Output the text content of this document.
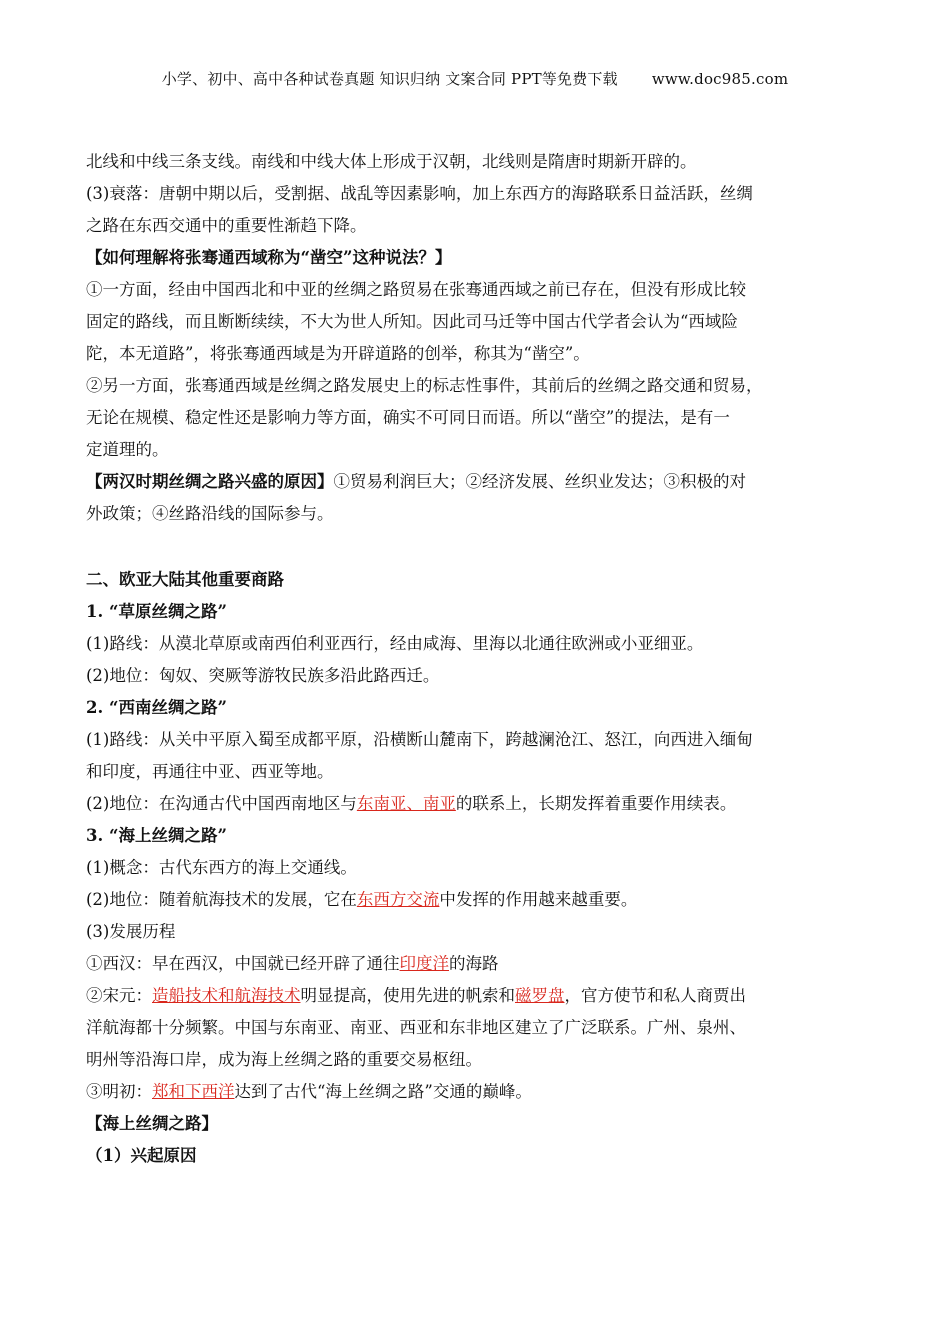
小学、初中、高中各种试卷真题 知识归纳 文案合同 PPT等免费下载 www.doc985.com

北线和中线三条支线。南线和中线大体上形成于汉朝，北线则是隋唐时期新开辟的。

(3)衰落：唐朝中期以后，受割据、战乱等因素影响，加上东西方的海路联系日益活跃，丝绸

之路在东西交通中的重要性渐趋下降。

【如何理解将张骞通西域称为“凿空”这种说法？】

①一方面，经由中国西北和中亚的丝绸之路贸易在张骞通西域之前已存在，但没有形成比较

固定的路线，而且断断续续，不大为世人所知。因此司马迁等中国古代学者会认为“西域险

陀，本无道路”，将张骞通西域是为开辟道路的创举，称其为“凿空”。

②另一方面，张骞通西域是丝绸之路发展史上的标志性事件，其前后的丝绸之路交通和贸易，

无论在规模、稳定性还是影响力等方面，确实不可同日而语。所以“凿空”的提法，是有一

定道理的。

【两汉时期丝绸之路兴盛的原因】①贸易利润巨大；②经济发展、丝织业发达；③积极的对

外政策；④丝路沿线的国际参与。

二、欧亚大陆其他重要商路

1. “草原丝绸之路”

(1)路线：从漠北草原或南西伯利亚西行，经由咸海、里海以北通往欧洲或小亚细亚。

(2)地位：匈奴、突厥等游牧民族多沿此路西迁。

2. “西南丝绸之路”

(1)路线：从关中平原入蜀至成都平原，沿横断山麓南下，跨越澜沧江、怒江，向西进入缅甸

和印度，再通往中亚、西亚等地。

(2)地位：在沟通古代中国西南地区与东南亚、南亚的联系上，长期发挥着重要作用续表。

3. “海上丝绸之路”

(1)概念：古代东西方的海上交通线。

(2)地位：随着航海技术的发展，它在东西方交流中发挥的作用越来越重要。

(3)发展历程

①西汉：早在西汉，中国就已经开辟了通往印度洋的海路

②宋元：造船技术和航海技术明显提高，使用先进的帆索和磁罗盘，官方使节和私人商贾出

洋航海都十分频繁。中国与东南亚、南亚、西亚和东非地区建立了广泛联系。广州、泉州、

明州等沿海口岸，成为海上丝绸之路的重要交易枢纽。

③明初：郑和下西洋达到了古代“海上丝绸之路”交通的巅峰。

【海上丝绸之路】

（1）兴起原因
